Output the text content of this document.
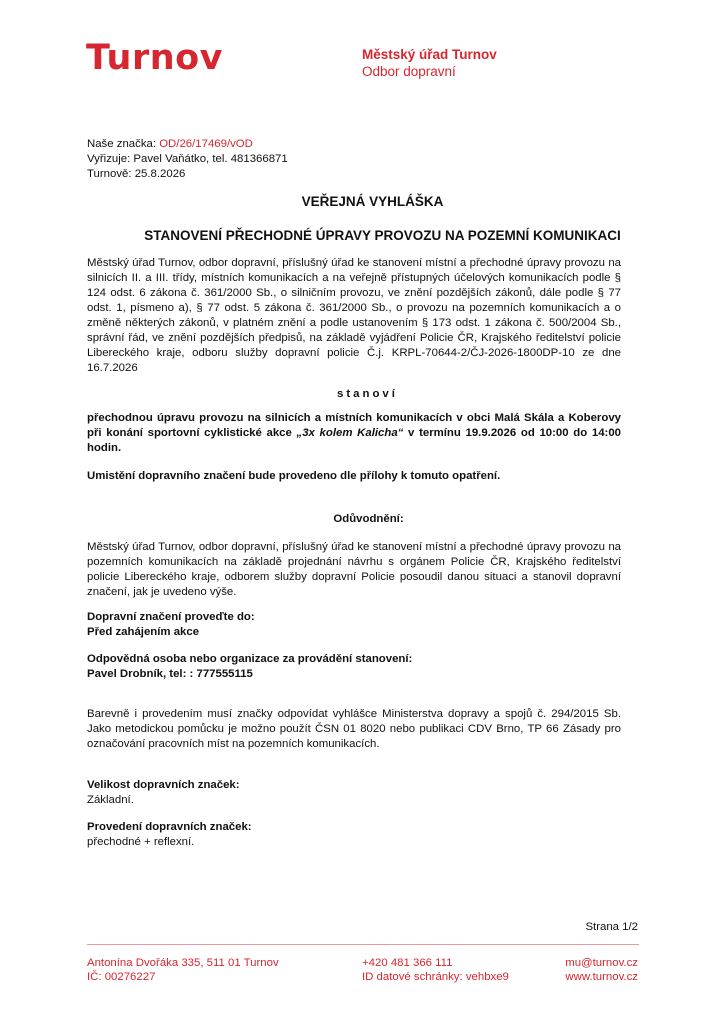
Turnov	Městský úřad Turnov
Odbor dopravní
Naše značka: OD/26/17469/vOD
Vyřizuje: Pavel Vaňátko, tel. 481366871
Turnově: 25.8.2026
VEŘEJNÁ VYHLÁŠKA
STANOVENÍ PŘECHODNÉ ÚPRAVY PROVOZU NA POZEMNÍ KOMUNIKACI
Městský úřad Turnov, odbor dopravní, příslušný úřad ke stanovení místní a přechodné úpravy provozu na silnicích II. a III. třídy, místních komunikacích a na veřejně přístupných účelových komunikacích podle § 124 odst. 6 zákona č. 361/2000 Sb., o silničním provozu, ve znění pozdějších zákonů, dále podle § 77 odst. 1, písmeno a), § 77 odst. 5 zákona č. 361/2000 Sb., o provozu na pozemních komunikacích a o změně některých zákonů, v platném znění a podle ustanovením § 173 odst. 1 zákona č. 500/2004 Sb., správní řád, ve znění pozdějších předpisů, na základě vyjádření Policie ČR, Krajského ředitelství policie Libereckého kraje, odboru služby dopravní policie Č.j. KRPL-70644-2/ČJ-2026-1800DP-10 ze dne 16.7.2026
stanoví
přechodnou úpravu provozu na silnicích a místních komunikacích v obci Malá Skála a Koberovy při konání sportovní cyklistické akce „3x kolem Kalicha“ v termínu 19.9.2026 od 10:00 do 14:00 hodin.
Umistění dopravního značení bude provedeno dle přílohy k tomuto opatření.
Odůvodnění:
Městský úřad Turnov, odbor dopravní, příslušný úřad ke stanovení místní a přechodné úpravy provozu na pozemních komunikacích na základě projednání návrhu s orgánem Policie ČR, Krajského ředitelství policie Libereckého kraje, odborem služby dopravní Policie posoudil danou situaci a stanovil dopravní značení, jak je uvedeno výše.
Dopravní značení proveďte do:
Před zahájením akce
Odpovědná osoba nebo organizace za provádění stanovení:
Pavel Drobník, tel: : 777555115
Barevně i provedením musí značky odpovídat vyhlášce Ministerstva dopravy a spojů č. 294/2015 Sb. Jako metodickou pomůcku je možno použít ČSN 01 8020 nebo publikaci CDV Brno, TP 66 Zásady pro označování pracovních míst na pozemních komunikacích.
Velikost dopravních značek:
Základní.
Provedení dopravních značek:
přechodné + reflexní.
Strana 1/2
Antonína Dvořáka 335, 511 01 Turnov
IČ: 00276227
+420 481 366 111
ID datové schránky: vehbxe9
mu@turnov.cz
www.turnov.cz
